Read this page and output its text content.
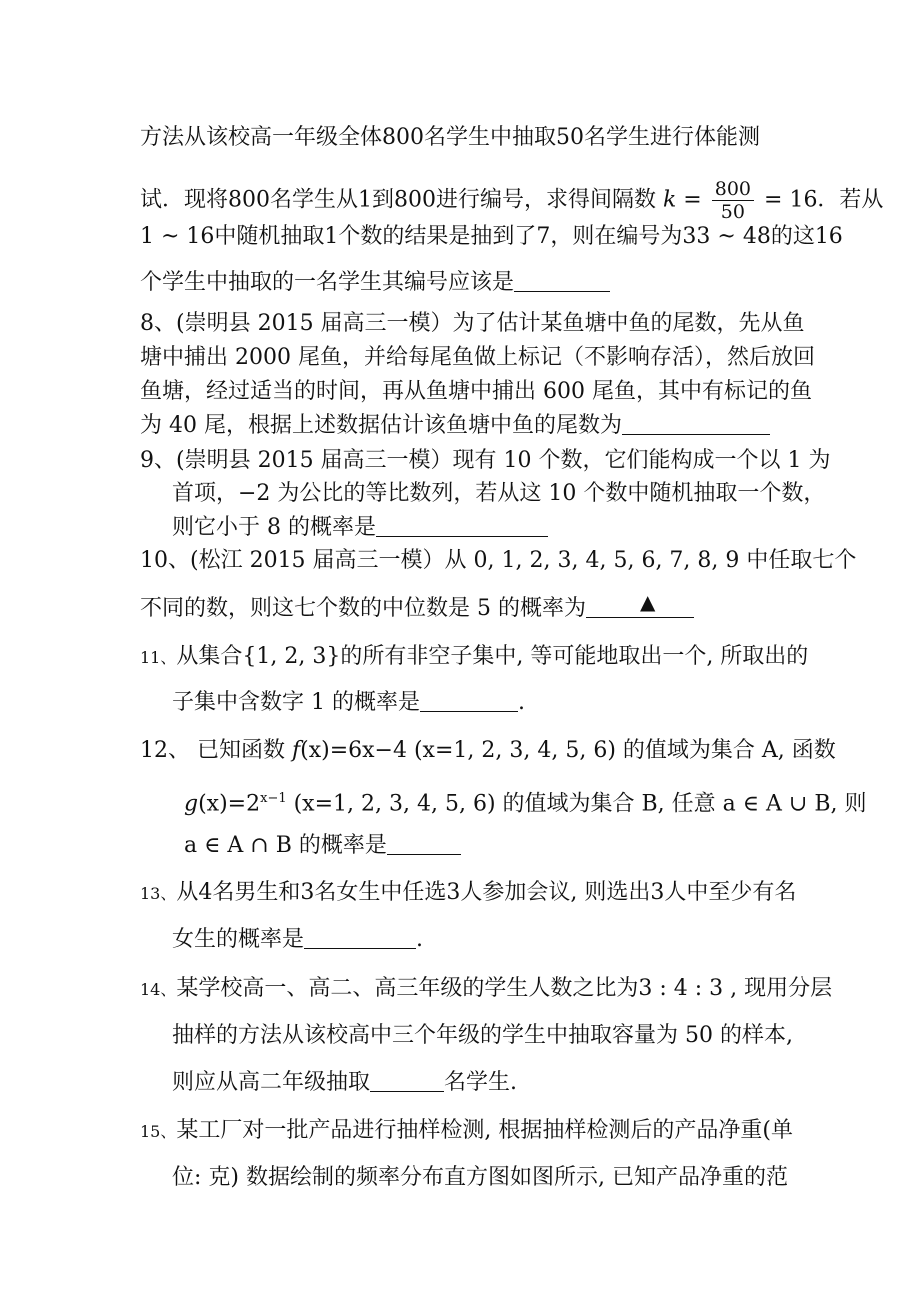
方法从该校高一年级全体800名学生中抽取50名学生进行体能测
试．现将800名学生从1到800进行编号，求得间隔数 $k = \frac{800}{50} = 16$．若从
1 ~ 16中随机抽取1个数的结果是抽到了7，则在编号为33 ~ 48的这16
个学生中抽取的一名学生其编号应该是
8、(崇明县 2015 届高三一模）为了估计某鱼塘中鱼的尾数，先从鱼
塘中捕出 2000 尾鱼，并给每尾鱼做上标记（不影响存活），然后放回
鱼塘，经过适当的时间，再从鱼塘中捕出 600 尾鱼，其中有标记的鱼
为 40 尾，根据上述数据估计该鱼塘中鱼的尾数为
9、(崇明县 2015 届高三一模）现有 10 个数，它们能构成一个以 1 为
首项，−2 为公比的等比数列，若从这 10 个数中随机抽取一个数，
则它小于 8 的概率是
10、(松江 2015 届高三一模）从 0, 1, 2, 3, 4, 5, 6, 7, 8, 9 中任取七个
不同的数，则这七个数的中位数是 5 的概率为	▲
11、从集合{1, 2, 3}的所有非空子集中, 等可能地取出一个, 所取出的
子集中含数字 1 的概率是	.
12、 已知函数 f(x)=6x−4 (x=1, 2, 3, 4, 5, 6) 的值域为集合 A, 函数
$g(x)=2^{x-1}$ (x=1, 2, 3, 4, 5, 6) 的值域为集合 B, 任意 a ∈ A ∪ B, 则
a ∈ A ∩ B 的概率是
13、从4名男生和3名女生中任选3人参加会议, 则选出3人中至少有名
女生的概率是	.
14、某学校高一、高二、高三年级的学生人数之比为3 : 4 : 3 , 现用分层
抽样的方法从该校高中三个年级的学生中抽取容量为 50 的样本,
则应从高二年级抽取	名学生.
15、某工厂对一批产品进行抽样检测, 根据抽样检测后的产品净重(单
位: 克) 数据绘制的频率分布直方图如图所示, 已知产品净重的范
